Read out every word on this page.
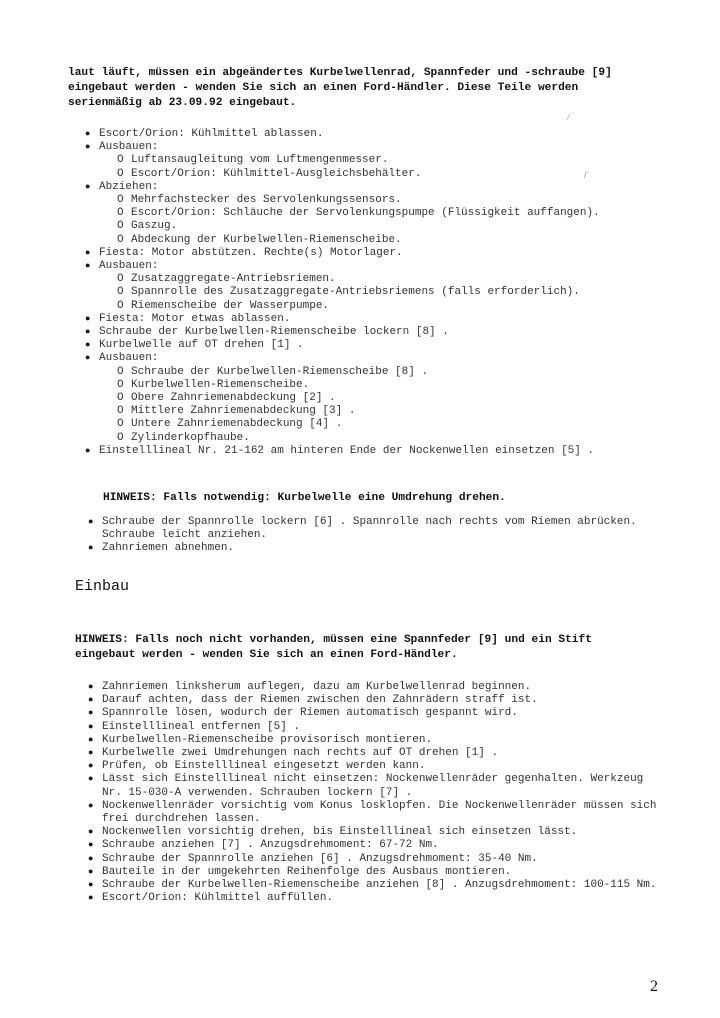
laut läuft, müssen ein abgeändertes Kurbelwellenrad, Spannfeder und -schraube [9] eingebaut werden - wenden Sie sich an einen Ford-Händler. Diese Teile werden serienmäßig ab 23.09.92 eingebaut.
● Escort/Orion: Kühlmittel ablassen.
● Ausbauen:
O Luftansaugleitung vom Luftmengenmesser.
O Escort/Orion: Kühlmittel-Ausgleichsbehälter.
● Abziehen:
O Mehrfachstecker des Servolenkungssensors.
O Escort/Orion: Schläuche der Servolenkungspumpe (Flüssigkeit auffangen).
O Gaszug.
O Abdeckung der Kurbelwellen-Riemenscheibe.
● Fiesta: Motor abstützen. Rechte(s) Motorlager.
● Ausbauen:
O Zusatzaggregate-Antriebsriemen.
O Spannrolle des Zusatzaggregate-Antriebsriemens (falls erforderlich).
O Riemenscheibe der Wasserpumpe.
● Fiesta: Motor etwas ablassen.
● Schraube der Kurbelwellen-Riemenscheibe lockern [8] .
● Kurbelwelle auf OT drehen [1] .
● Ausbauen:
O Schraube der Kurbelwellen-Riemenscheibe [8] .
O Kurbelwellen-Riemenscheibe.
O Obere Zahnriemenabdeckung [2] .
O Mittlere Zahnriemenabdeckung [3] .
O Untere Zahnriemenabdeckung [4] .
O Zylinderkopfhaube.
● Einstelllineal Nr. 21-162 am hinteren Ende der Nockenwellen einsetzen [5] .
HINWEIS: Falls notwendig: Kurbelwelle eine Umdrehung drehen.
● Schraube der Spannrolle lockern [6] . Spannrolle nach rechts vom Riemen abrücken. Schraube leicht anziehen.
● Zahnriemen abnehmen.
Einbau
HINWEIS: Falls noch nicht vorhanden, müssen eine Spannfeder [9] und ein Stift eingebaut werden - wenden Sie sich an einen Ford-Händler.
● Zahnriemen linksherum auflegen, dazu am Kurbelwellenrad beginnen.
● Darauf achten, dass der Riemen zwischen den Zahnrädern straff ist.
● Spannrolle lösen, wodurch der Riemen automatisch gespannt wird.
● Einstelllineal entfernen [5] .
● Kurbelwellen-Riemenscheibe provisorisch montieren.
● Kurbelwelle zwei Umdrehungen nach rechts auf OT drehen [1] .
● Prüfen, ob Einstelllineal eingesetzt werden kann.
● Lässt sich Einstelllineal nicht einsetzen: Nockenwellenräder gegenhalten. Werkzeug Nr. 15-030-A verwenden. Schrauben lockern [7] .
● Nockenwellenräder vorsichtig vom Konus losklopfen. Die Nockenwellenräder müssen sich frei durchdrehen lassen.
● Nockenwellen vorsichtig drehen, bis Einstelllineal sich einsetzen lässt.
● Schraube anziehen [7] . Anzugsdrehmoment: 67-72 Nm.
● Schraube der Spannrolle anziehen [6] . Anzugsdrehmoment: 35-40 Nm.
● Bauteile in der umgekehrten Reihenfolge des Ausbaus montieren.
● Schraube der Kurbelwellen-Riemenscheibe anziehen [8] . Anzugsdrehmoment: 100-115 Nm.
● Escort/Orion: Kühlmittel auffüllen.
2
⁄ ˙
/ˊ
